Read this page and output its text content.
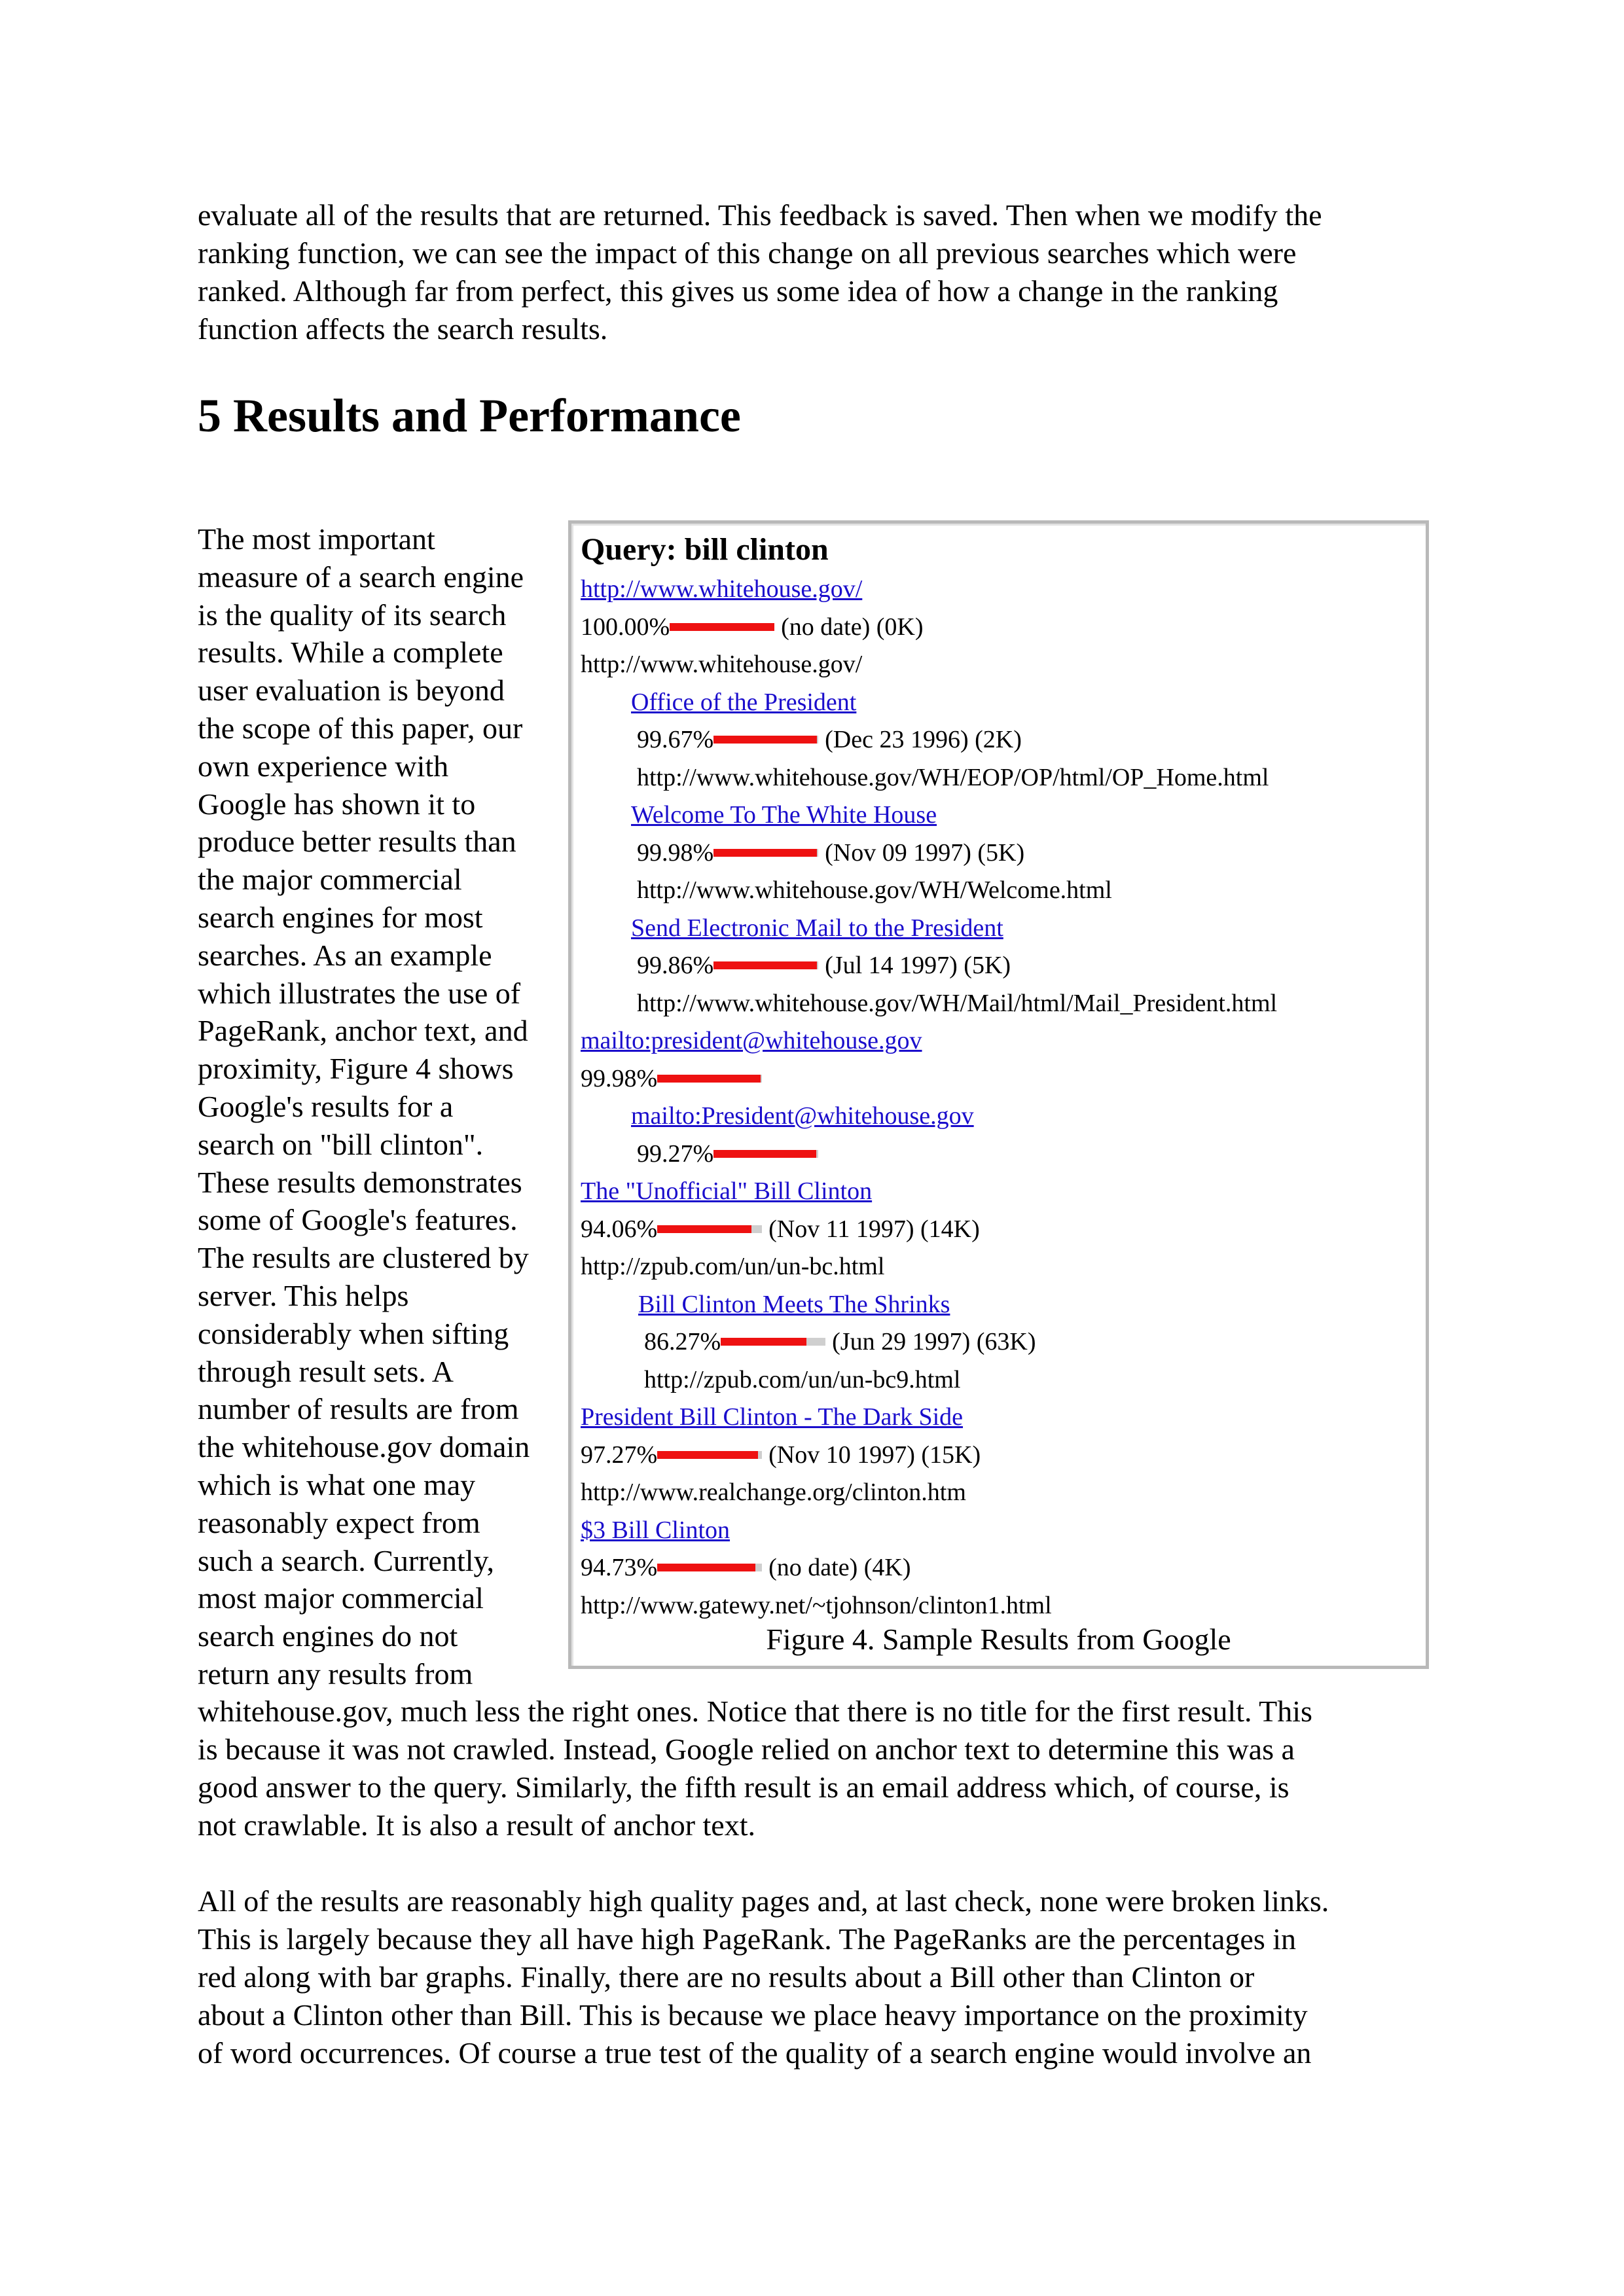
evaluate all of the results that are returned. This feedback is saved. Then when we modify the
ranking function, we can see the impact of this change on all previous searches which were
ranked. Although far from perfect, this gives us some idea of how a change in the ranking
function affects the search results.
5 Results and Performance
The most important
measure of a search engine
is the quality of its search
results. While a complete
user evaluation is beyond
the scope of this paper, our
own experience with
Google has shown it to
produce better results than
the major commercial
search engines for most
searches. As an example
which illustrates the use of
PageRank, anchor text, and
proximity, Figure 4 shows
Google's results for a
search on "bill clinton".
These results demonstrates
some of Google's features.
The results are clustered by
server. This helps
considerably when sifting
through result sets. A
number of results are from
the whitehouse.gov domain
which is what one may
reasonably expect from
such a search. Currently,
most major commercial
search engines do not
return any results from
Query: bill clinton
http://www.whitehouse.gov/
100.00%	(no date) (0K)
http://www.whitehouse.gov/
Office of the President
99.67%	(Dec 23 1996) (2K)
http://www.whitehouse.gov/WH/EOP/OP/html/OP_Home.html
Welcome To The White House
99.98%	(Nov 09 1997) (5K)
http://www.whitehouse.gov/WH/Welcome.html
Send Electronic Mail to the President
99.86%	(Jul 14 1997) (5K)
http://www.whitehouse.gov/WH/Mail/html/Mail_President.html
mailto:president@whitehouse.gov
99.98%
mailto:President@whitehouse.gov
99.27%
The "Unofficial" Bill Clinton
94.06%	(Nov 11 1997) (14K)
http://zpub.com/un/un-bc.html
Bill Clinton Meets The Shrinks
86.27%	(Jun 29 1997) (63K)
http://zpub.com/un/un-bc9.html
President Bill Clinton - The Dark Side
97.27%	(Nov 10 1997) (15K)
http://www.realchange.org/clinton.htm
$3 Bill Clinton
94.73%	(no date) (4K)
http://www.gatewy.net/~tjohnson/clinton1.html
Figure 4. Sample Results from Google
whitehouse.gov, much less the right ones. Notice that there is no title for the first result. This
is because it was not crawled. Instead, Google relied on anchor text to determine this was a
good answer to the query. Similarly, the fifth result is an email address which, of course, is
not crawlable. It is also a result of anchor text.
All of the results are reasonably high quality pages and, at last check, none were broken links.
This is largely because they all have high PageRank. The PageRanks are the percentages in
red along with bar graphs. Finally, there are no results about a Bill other than Clinton or
about a Clinton other than Bill. This is because we place heavy importance on the proximity
of word occurrences. Of course a true test of the quality of a search engine would involve an
